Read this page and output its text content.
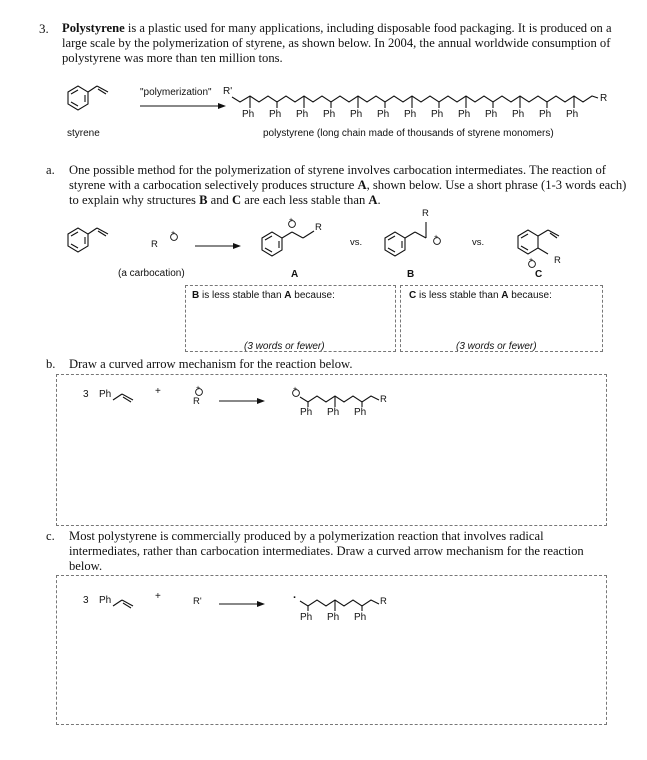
3. Polystyrene is a plastic used for many applications, including disposable food packaging. It is produced on a large scale by the polymerization of styrene, as shown below. In 2004, the annual worldwide consumption of polystyrene was more than ten million tons.
"polymerization" R'
R
Ph Ph Ph Ph Ph Ph Ph Ph Ph Ph Ph Ph Ph
styrene	polystyrene (long chain made of thousands of styrene monomers)
a. One possible method for the polymerization of styrene involves carbocation intermediates. The reaction of styrene with a carbocation selectively produces structure A, shown below. Use a short phrase (1-3 words each) to explain why structures B and C are each less stable than A.
R
+
(a carbocation)
R
+
vs.
R
+	vs.
R
+
A	B	C
B is less stable than A because:
(3 words or fewer)
C is less stable than A because:
(3 words or fewer)
b. Draw a curved arrow mechanism for the reaction below.
3 Ph	+
R
+	+
R
Ph Ph Ph
c. Most polystyrene is commercially produced by a polymerization reaction that involves radical intermediates, rather than carbocation intermediates. Draw a curved arrow mechanism for the reaction below.
3 Ph	+	R'	·	R
Ph Ph Ph
